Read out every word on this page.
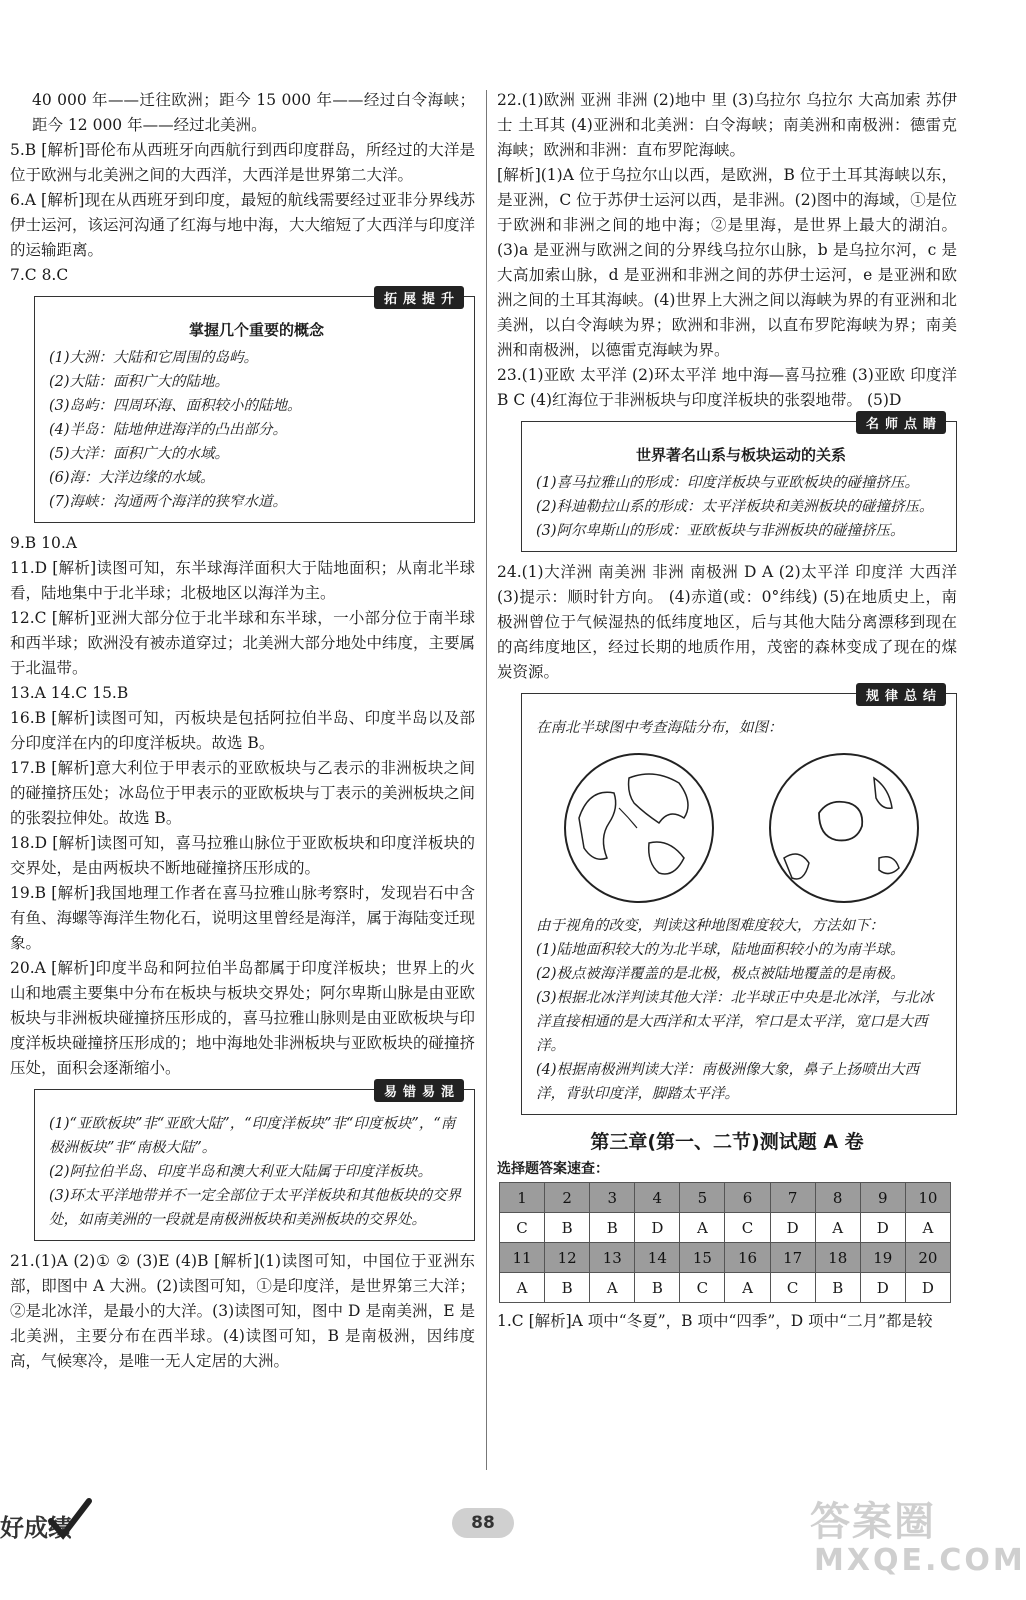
40 000 年——迁往欧洲；距今 15 000 年——经过白令海峡；距今 12 000 年——经过北美洲。

5.B [解析]哥伦布从西班牙向西航行到西印度群岛，所经过的大洋是位于欧洲与北美洲之间的大西洋，大西洋是世界第二大洋。

6.A [解析]现在从西班牙到印度，最短的航线需要经过亚非分界线苏伊士运河，该运河沟通了红海与地中海，大大缩短了大西洋与印度洋的运输距离。

7.C 8.C

拓展提升

掌握几个重要的概念

(1)大洲：大陆和它周围的岛屿。

(2)大陆：面积广大的陆地。

(3)岛屿：四周环海、面积较小的陆地。

(4)半岛：陆地伸进海洋的凸出部分。

(5)大洋：面积广大的水域。

(6)海：大洋边缘的水域。

(7)海峡：沟通两个海洋的狭窄水道。

9.B 10.A

11.D [解析]读图可知，东半球海洋面积大于陆地面积；从南北半球看，陆地集中于北半球；北极地区以海洋为主。

12.C [解析]亚洲大部分位于北半球和东半球，一小部分位于南半球和西半球；欧洲没有被赤道穿过；北美洲大部分地处中纬度，主要属于北温带。

13.A 14.C 15.B

16.B [解析]读图可知，丙板块是包括阿拉伯半岛、印度半岛以及部分印度洋在内的印度洋板块。故选 B。

17.B [解析]意大利位于甲表示的亚欧板块与乙表示的非洲板块之间的碰撞挤压处；冰岛位于甲表示的亚欧板块与丁表示的美洲板块之间的张裂拉伸处。故选 B。

18.D [解析]读图可知，喜马拉雅山脉位于亚欧板块和印度洋板块的交界处，是由两板块不断地碰撞挤压形成的。

19.B [解析]我国地理工作者在喜马拉雅山脉考察时，发现岩石中含有鱼、海螺等海洋生物化石，说明这里曾经是海洋，属于海陆变迁现象。

20.A [解析]印度半岛和阿拉伯半岛都属于印度洋板块；世界上的火山和地震主要集中分布在板块与板块交界处；阿尔卑斯山脉是由亚欧板块与非洲板块碰撞挤压形成的，喜马拉雅山脉则是由亚欧板块与印度洋板块碰撞挤压形成的；地中海地处非洲板块与亚欧板块的碰撞挤压处，面积会逐渐缩小。

易错易混

(1)“亚欧板块”非“亚欧大陆”，“印度洋板块”非“印度板块”，“南极洲板块”非“南极大陆”。

(2)阿拉伯半岛、印度半岛和澳大利亚大陆属于印度洋板块。

(3)环太平洋地带并不一定全部位于太平洋板块和其他板块的交界处，如南美洲的一段就是南极洲板块和美洲板块的交界处。

21.(1)A (2)① ② (3)E (4)B [解析](1)读图可知，中国位于亚洲东部，即图中 A 大洲。(2)读图可知，①是印度洋，是世界第三大洋；②是北冰洋，是最小的大洋。(3)读图可知，图中 D 是南美洲，E 是北美洲，主要分布在西半球。(4)读图可知，B 是南极洲，因纬度高，气候寒冷，是唯一无人定居的大洲。

22.(1)欧洲 亚洲 非洲 (2)地中 里 (3)乌拉尔 乌拉尔 大高加索 苏伊士 土耳其 (4)亚洲和北美洲：白令海峡；南美洲和南极洲：德雷克海峡；欧洲和非洲：直布罗陀海峡。

[解析](1)A 位于乌拉尔山以西，是欧洲，B 位于土耳其海峡以东，是亚洲，C 位于苏伊士运河以西，是非洲。(2)图中的海域，①是位于欧洲和非洲之间的地中海；②是里海，是世界上最大的湖泊。(3)a 是亚洲与欧洲之间的分界线乌拉尔山脉，b 是乌拉尔河，c 是大高加索山脉，d 是亚洲和非洲之间的苏伊士运河，e 是亚洲和欧洲之间的土耳其海峡。(4)世界上大洲之间以海峡为界的有亚洲和北美洲，以白令海峡为界；欧洲和非洲，以直布罗陀海峡为界；南美洲和南极洲，以德雷克海峡为界。

23.(1)亚欧 太平洋 (2)环太平洋 地中海—喜马拉雅 (3)亚欧 印度洋 B C (4)红海位于非洲板块与印度洋板块的张裂地带。 (5)D

名师点睛

世界著名山系与板块运动的关系

(1)喜马拉雅山的形成：印度洋板块与亚欧板块的碰撞挤压。

(2)科迪勒拉山系的形成：太平洋板块和美洲板块的碰撞挤压。

(3)阿尔卑斯山的形成：亚欧板块与非洲板块的碰撞挤压。

24.(1)大洋洲 南美洲 非洲 南极洲 D A (2)太平洋 印度洋 大西洋 (3)提示：顺时针方向。 (4)赤道(或：0°纬线) (5)在地质史上，南极洲曾位于气候湿热的低纬度地区，后与其他大陆分离漂移到现在的高纬度地区，经过长期的地质作用，茂密的森林变成了现在的煤炭资源。

规律总结

在南北半球图中考查海陆分布，如图：

由于视角的改变，判读这种地图难度较大，方法如下：

(1)陆地面积较大的为北半球，陆地面积较小的为南半球。

(2)极点被海洋覆盖的是北极，极点被陆地覆盖的是南极。

(3)根据北冰洋判读其他大洋：北半球正中央是北冰洋，与北冰洋直接相通的是大西洋和太平洋，窄口是太平洋，宽口是大西洋。

(4)根据南极洲判读大洋：南极洲像大象，鼻子上扬喷出大西洋，背驮印度洋，脚踏太平洋。

第三章(第一、二节)测试题 A 卷

选择题答案速查：

1	2	3	4	5	6	7	8	9	10
C	B	B	D	A	C	D	A	D	A
11	12	13	14	15	16	17	18	19	20
A	B	A	B	C	A	C	B	D	D

1.C [解析]A 项中“冬夏”，B 项中“四季”，D 项中“二月”都是较

好成绩	88	答案圈
MXQE.COM
